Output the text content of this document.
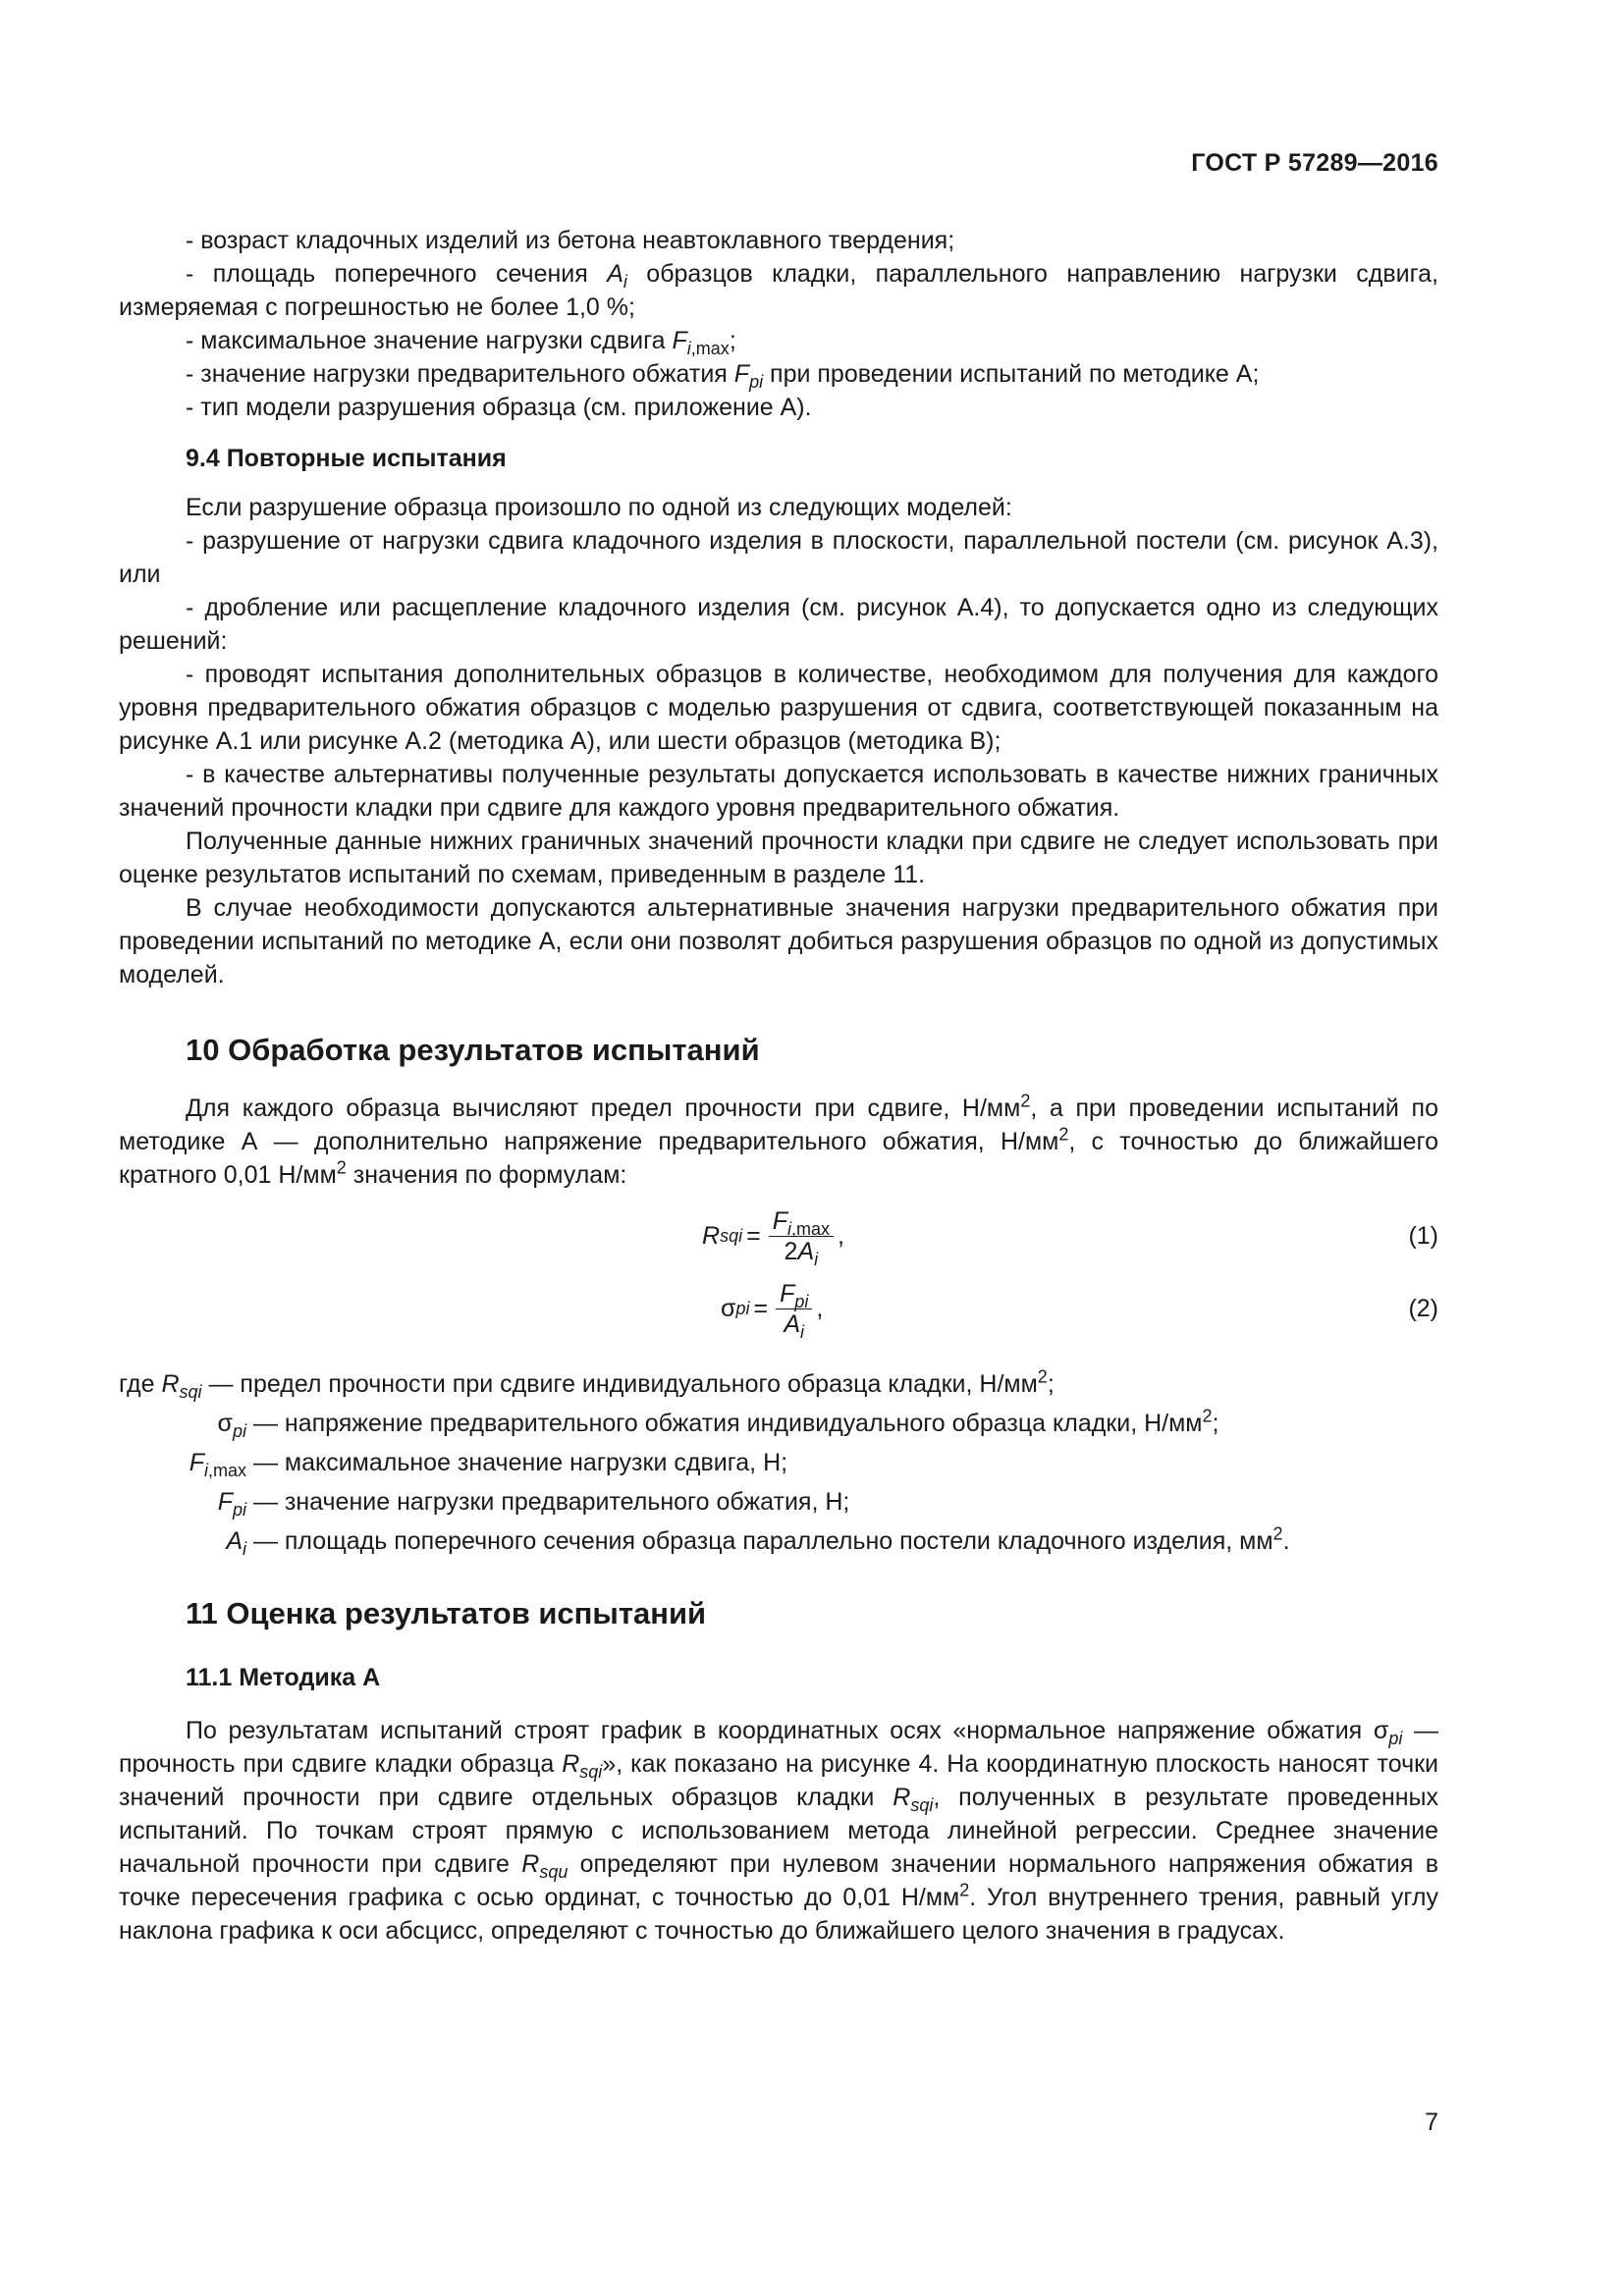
ГОСТ Р 57289—2016

- возраст кладочных изделий из бетона неавтоклавного твердения;

- площадь поперечного сечения $A_i$ образцов кладки, параллельного направлению нагрузки сдвига, измеряемая с погрешностью не более 1,0 %;

- максимальное значение нагрузки сдвига $F_{i,max}$;

- значение нагрузки предварительного обжатия $F_{pi}$ при проведении испытаний по методике А;

- тип модели разрушения образца (см. приложение А).

9.4 Повторные испытания

Если разрушение образца произошло по одной из следующих моделей:

- разрушение от нагрузки сдвига кладочного изделия в плоскости, параллельной постели (см. рисунок А.3), или

- дробление или расщепление кладочного изделия (см. рисунок А.4), то допускается одно из следующих решений:

- проводят испытания дополнительных образцов в количестве, необходимом для получения для каждого уровня предварительного обжатия образцов с моделью разрушения от сдвига, соответствующей показанным на рисунке А.1 или рисунке А.2 (методика А), или шести образцов (методика В);

- в качестве альтернативы полученные результаты допускается использовать в качестве нижних граничных значений прочности кладки при сдвиге для каждого уровня предварительного обжатия.

Полученные данные нижних граничных значений прочности кладки при сдвиге не следует использовать при оценке результатов испытаний по схемам, приведенным в разделе 11.

В случае необходимости допускаются альтернативные значения нагрузки предварительного обжатия при проведении испытаний по методике А, если они позволят добиться разрушения образцов по одной из допустимых моделей.

10 Обработка результатов испытаний

Для каждого образца вычисляют предел прочности при сдвиге, $Н/мм^2$, а при проведении испытаний по методике А — дополнительно напряжение предварительного обжатия, $Н/мм^2$, с точностью до ближайшего кратного 0,01 $Н/мм^2$ значения по формулам:

R sqi = $\frac{F_{i,max}}{2A_i}$ ,	(1)
σ pi = $\frac{F_{pi}}{A_i}$ ,	(2)
где $R_{sqi}$ — предел прочности при сдвиге индивидуального образца кладки, $Н/мм^2$;
$\sigma_{pi}$ — напряжение предварительного обжатия индивидуального образца кладки, $Н/мм^2$;
$F_{i,max}$ — максимальное значение нагрузки сдвига, Н;
$F_{pi}$ — значение нагрузки предварительного обжатия, Н;
$A_i$ — площадь поперечного сечения образца параллельно постели кладочного изделия, $мм^2$.

11 Оценка результатов испытаний

11.1 Методика А

По результатам испытаний строят график в координатных осях «нормальное напряжение обжатия $\sigma_{pi}$ — прочность при сдвиге кладки образца $R_{sqi}$», как показано на рисунке 4. На координатную плоскость наносят точки значений прочности при сдвиге отдельных образцов кладки $R_{sqi}$, полученных в результате проведенных испытаний. По точкам строят прямую с использованием метода линейной регрессии. Среднее значение начальной прочности при сдвиге $R_{squ}$ определяют при нулевом значении нормального напряжения обжатия в точке пересечения графика с осью ординат, с точностью до 0,01 $Н/мм^2$. Угол внутреннего трения, равный углу наклона графика к оси абсцисс, определяют с точностью до ближайшего целого значения в градусах.

7
